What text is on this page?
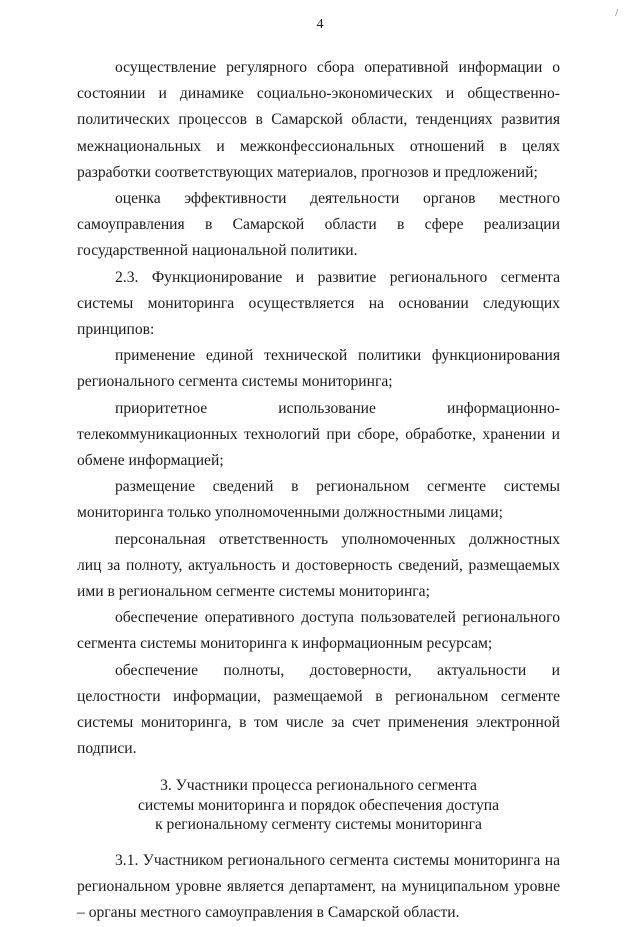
4
/

осуществление регулярного сбора оперативной информации о состоянии и динамике социально-экономических и общественно-политических процессов в Самарской области, тенденциях развития межнациональных и межконфессиональных отношений в целях разработки соответствующих материалов, прогнозов и предложений;

оценка эффективности деятельности органов местного самоуправления в Самарской области в сфере реализации государственной национальной политики.

2.3. Функционирование и развитие регионального сегмента системы мониторинга осуществляется на основании следующих принципов:

применение единой технической политики функционирования регионального сегмента системы мониторинга;

приоритетное использование информационно-телекоммуникационных технологий при сборе, обработке, хранении и обмене информацией;

размещение сведений в региональном сегменте системы мониторинга только уполномоченными должностными лицами;

персональная ответственность уполномоченных должностных лиц за полноту, актуальность и достоверность сведений, размещаемых ими в региональном сегменте системы мониторинга;

обеспечение оперативного доступа пользователей регионального сегмента системы мониторинга к информационным ресурсам;

обеспечение полноты, достоверности, актуальности и целостности информации, размещаемой в региональном сегменте системы мониторинга, в том числе за счет применения электронной подписи.

3. Участники процесса регионального сегмента
системы мониторинга и порядок обеспечения доступа
к региональному сегменту системы мониторинга

3.1. Участником регионального сегмента системы мониторинга на региональном уровне является департамент, на муниципальном уровне – органы местного самоуправления в Самарской области.
